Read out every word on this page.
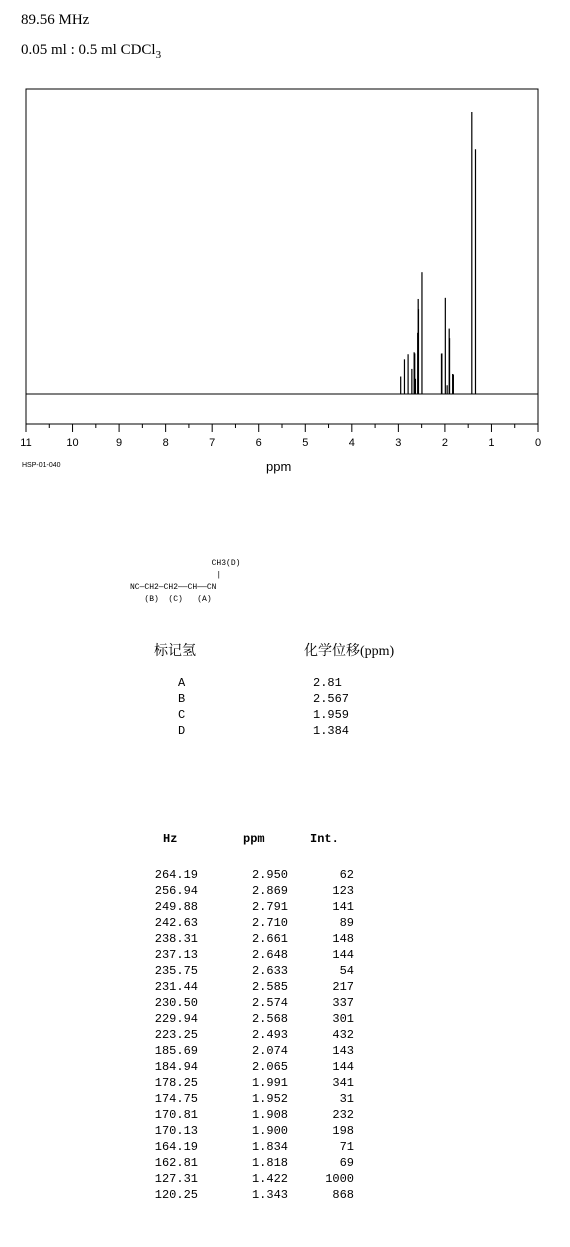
89.56 MHz
0.05 ml : 0.5 ml CDCl$_3$
11	10	9	8	7	6	5	4	3	2	1	0
HSP-01-040	ppm
CH3(D)
|
NC—CH2—CH2——CH——CN
(B)  (C)   (A)
标记氢	化学位移(ppm)
A	2.81
B	2.567
C	1.959
D	1.384
Hz	ppm	Int.
264.19	2.950	62
256.94	2.869	123
249.88	2.791	141
242.63	2.710	89
238.31	2.661	148
237.13	2.648	144
235.75	2.633	54
231.44	2.585	217
230.50	2.574	337
229.94	2.568	301
223.25	2.493	432
185.69	2.074	143
184.94	2.065	144
178.25	1.991	341
174.75	1.952	31
170.81	1.908	232
170.13	1.900	198
164.19	1.834	71
162.81	1.818	69
127.31	1.422	1000
120.25	1.343	868
